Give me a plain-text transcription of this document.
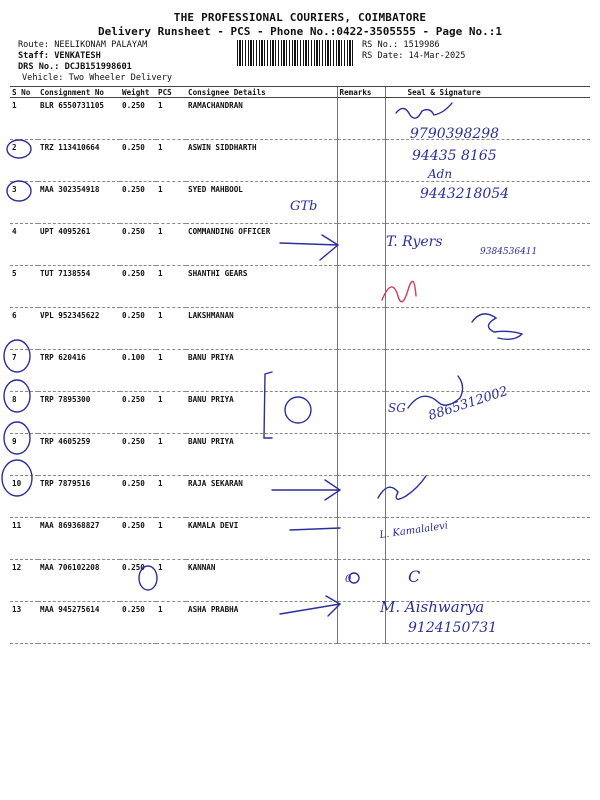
THE PROFESSIONAL COURIERS, COIMBATORE
Delivery Runsheet - PCS - Phone No.:0422-3505555 - Page No.:1
Route: NEELIKONAM PALAYAM
Staff: VENKATESH
DRS No.: DCJB151998601
Vehicle: Two Wheeler Delivery
RS No.: 1519986
RS Date: 14-Mar-2025
S No	Consignment No	Weight	PCS	Consignee Details	Remarks	Seal & Signature
1	BLR 6550731105	0.250	1	RAMACHANDRAN		
2	TRZ 113410664	0.250	1	ASWIN SIDDHARTH		
3	MAA 302354918	0.250	1	SYED MAHBOOL		
4	UPT 4095261	0.250	1	COMMANDING OFFICER		
5	TUT 7138554	0.250	1	SHANTHI GEARS		
6	VPL 952345622	0.250	1	LAKSHMANAN		
7	TRP 620416	0.100	1	BANU PRIYA		
8	TRP 7895300	0.250	1	BANU PRIYA		
9	TRP 4605259	0.250	1	BANU PRIYA		
10	TRP 7879516	0.250	1	RAJA SEKARAN		
11	MAA 869368827	0.250	1	KAMALA DEVI		
12	MAA 706102208	0.250	1	KANNAN		
13	MAA 945275614	0.250	1	ASHA PRABHA		
9790398298
94435 8165
Adn
9443218054
GTb
T. Ryers
9384536411
SG 8865312002
L. Kamalalevi
C
0
M. Aishwarya
9124150731
